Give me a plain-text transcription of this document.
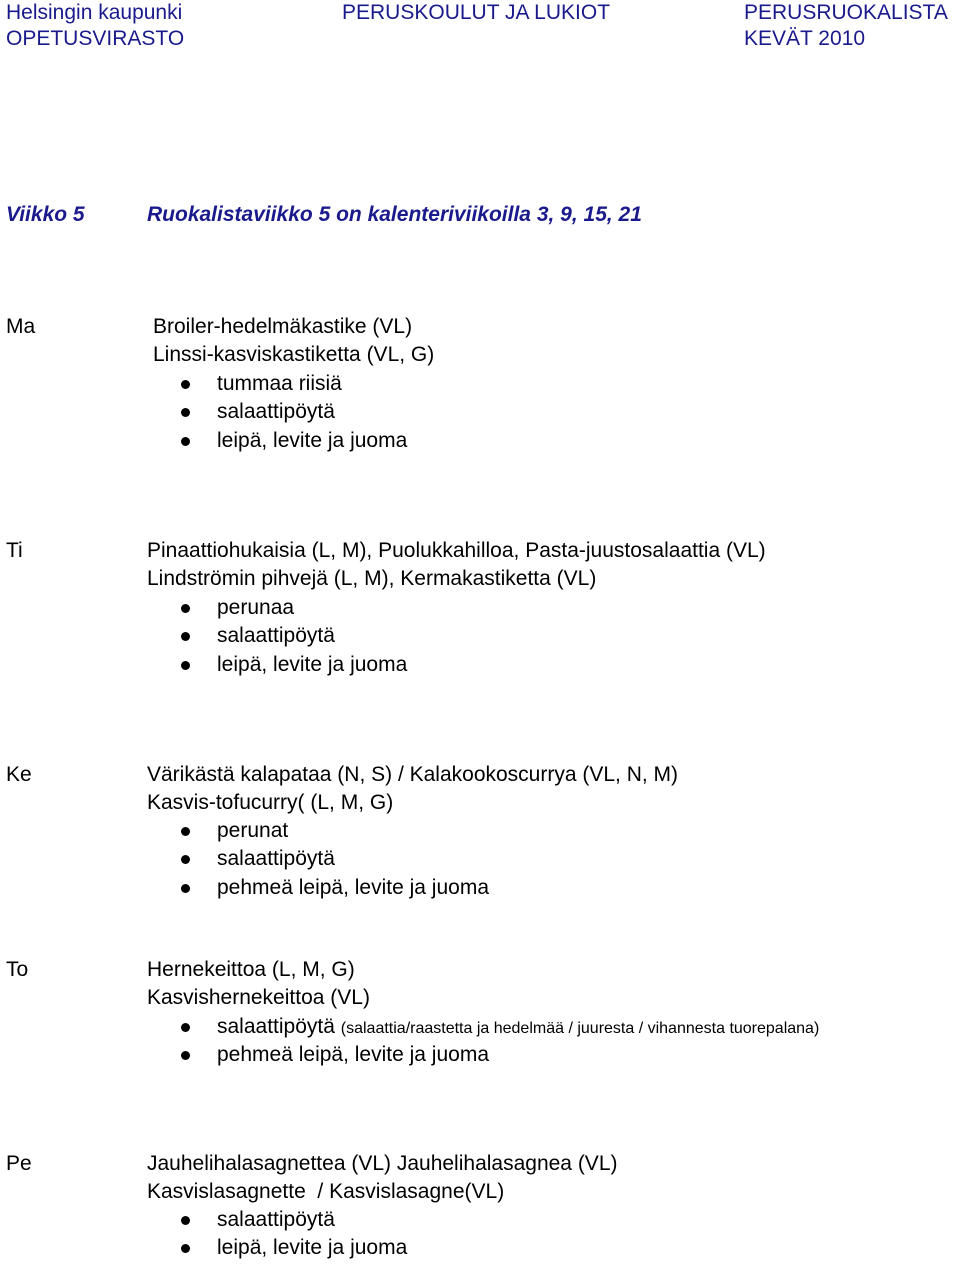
Helsingin kaupunki
OPETUSVIRASTO
PERUSKOULUT JA LUKIOT	PERUSRUOKALISTA
KEVÄT 2010
Viikko 5	Ruokalistaviikko 5 on kalenteriviikoilla 3, 9, 15, 21
Ma	Broiler-hedelmäkastike (VL)
Linssi-kasviskastiketta (VL, G)
tummaa riisiä
salaattipöytä
leipä, levite ja juoma
Ti	Pinaattiohukaisia (L, M), Puolukkahilloa, Pasta-juustosalaattia (VL)
Lindströmin pihvejä (L, M), Kermakastiketta (VL)
perunaa
salaattipöytä
leipä, levite ja juoma
Ke	Värikästä kalapataa (N, S) / Kalakookoscurrya (VL, N, M)
Kasvis-tofucurry( (L, M, G)
perunat
salaattipöytä
pehmeä leipä, levite ja juoma
To	Hernekeittoa (L, M, G)
Kasvishernekeittoa (VL)
salaattipöytä (salaattia/raastetta ja hedelmää / juuresta / vihannesta tuorepalana)
pehmeä leipä, levite ja juoma
Pe	Jauhelihalasagnettea (VL) Jauhelihalasagnea (VL)
Kasvislasagnette  / Kasvislasagne(VL)
salaattipöytä
leipä, levite ja juoma
